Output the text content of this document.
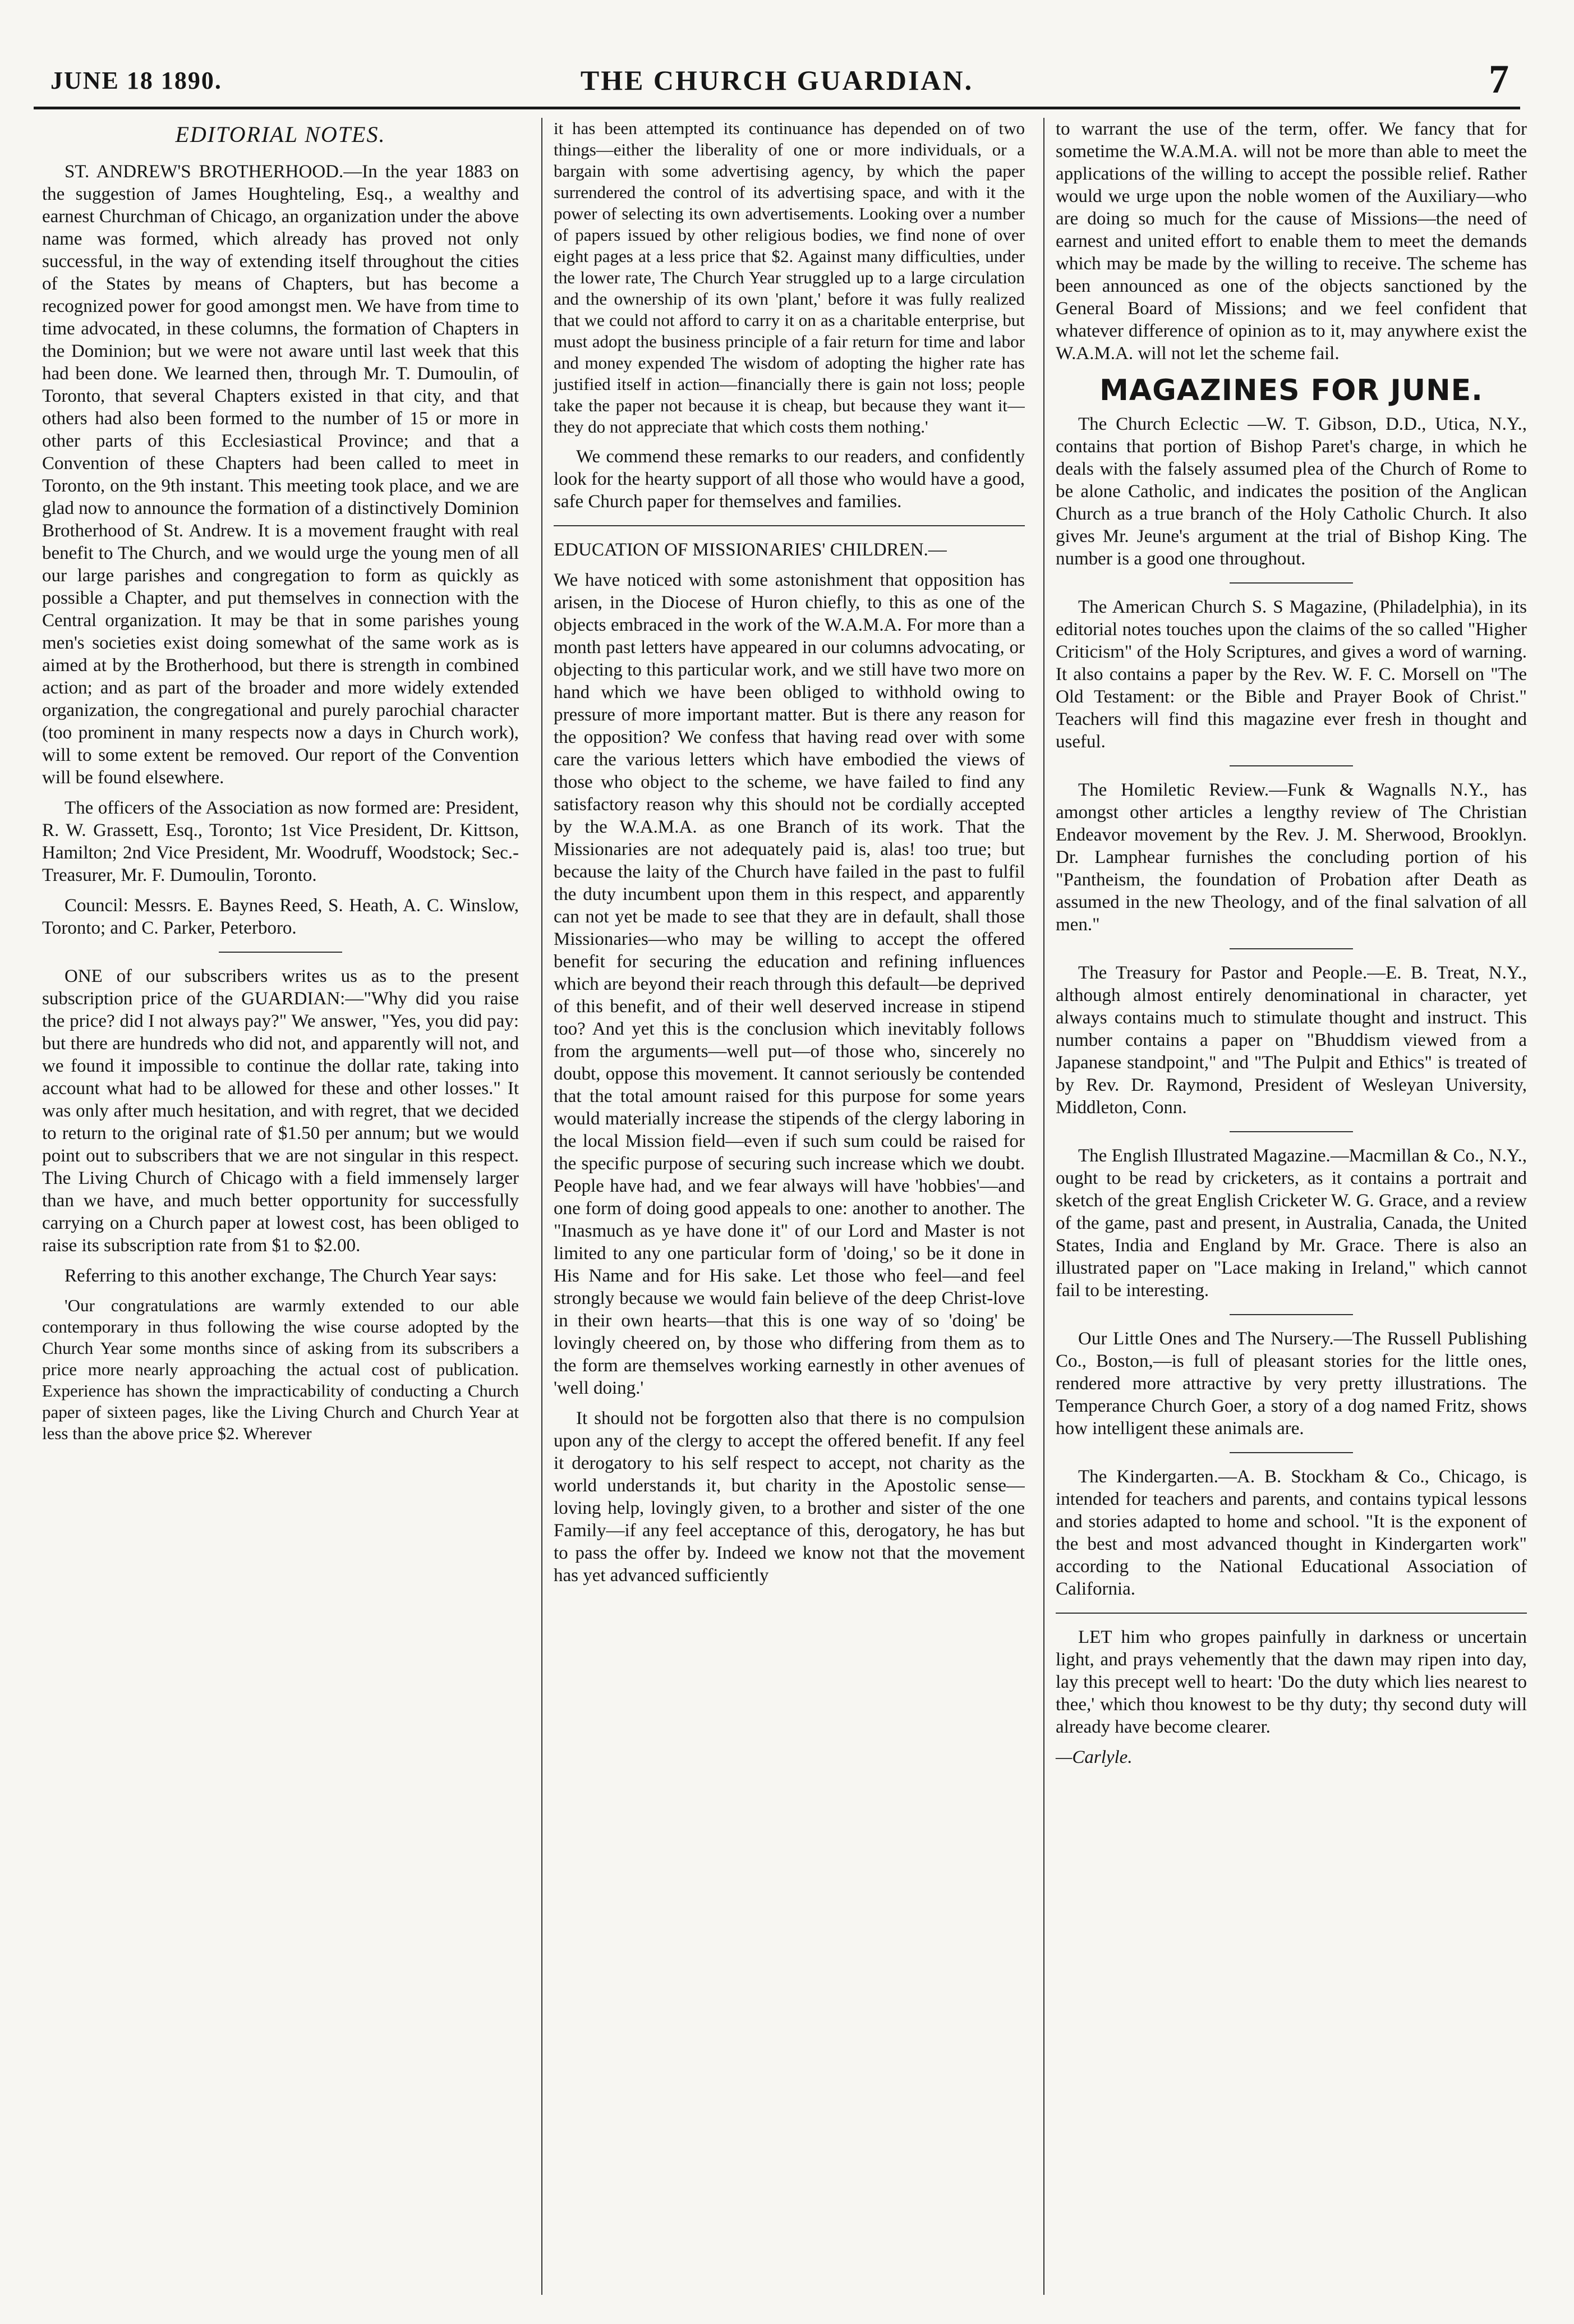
JUNE 18 1890.	THE CHURCH GUARDIAN.	7
EDITORIAL NOTES.

ST. ANDREW'S BROTHERHOOD.—In the year 1883 on the suggestion of James Houghteling, Esq., a wealthy and earnest Churchman of Chicago, an organization under the above name was formed, which already has proved not only successful, in the way of extending itself throughout the cities of the States by means of Chapters, but has become a recognized power for good amongst men. We have from time to time advocated, in these columns, the formation of Chapters in the Dominion; but we were not aware until last week that this had been done. We learned then, through Mr. T. Dumoulin, of Toronto, that several Chapters existed in that city, and that others had also been formed to the number of 15 or more in other parts of this Ecclesiastical Province; and that a Convention of these Chapters had been called to meet in Toronto, on the 9th instant. This meeting took place, and we are glad now to announce the formation of a distinctively Dominion Brotherhood of St. Andrew. It is a movement fraught with real benefit to The Church, and we would urge the young men of all our large parishes and congregation to form as quickly as possible a Chapter, and put themselves in connection with the Central organization. It may be that in some parishes young men's societies exist doing somewhat of the same work as is aimed at by the Brotherhood, but there is strength in combined action; and as part of the broader and more widely extended organization, the congregational and purely parochial character (too prominent in many respects now a days in Church work), will to some extent be removed. Our report of the Convention will be found elsewhere.

The officers of the Association as now formed are: President, R. W. Grassett, Esq., Toronto; 1st Vice President, Dr. Kittson, Hamilton; 2nd Vice President, Mr. Woodruff, Woodstock; Sec.-Treasurer, Mr. F. Dumoulin, Toronto.

Council: Messrs. E. Baynes Reed, S. Heath, A. C. Winslow, Toronto; and C. Parker, Peterboro.

ONE of our subscribers writes us as to the present subscription price of the GUARDIAN:—"Why did you raise the price? did I not always pay?" We answer, "Yes, you did pay: but there are hundreds who did not, and apparently will not, and we found it impossible to continue the dollar rate, taking into account what had to be allowed for these and other losses." It was only after much hesitation, and with regret, that we decided to return to the original rate of $1.50 per annum; but we would point out to subscribers that we are not singular in this respect. The Living Church of Chicago with a field immensely larger than we have, and much better opportunity for successfully carrying on a Church paper at lowest cost, has been obliged to raise its subscription rate from $1 to $2.00.

Referring to this another exchange, The Church Year says:

'Our congratulations are warmly extended to our able contemporary in thus following the wise course adopted by the Church Year some months since of asking from its subscribers a price more nearly approaching the actual cost of publication. Experience has shown the impracticability of conducting a Church paper of sixteen pages, like the Living Church and Church Year at less than the above price $2. Wherever

it has been attempted its continuance has depended on of two things—either the liberality of one or more individuals, or a bargain with some advertising agency, by which the paper surrendered the control of its advertising space, and with it the power of selecting its own advertisements. Looking over a number of papers issued by other religious bodies, we find none of over eight pages at a less price that $2. Against many difficulties, under the lower rate, The Church Year struggled up to a large circulation and the ownership of its own 'plant,' before it was fully realized that we could not afford to carry it on as a charitable enterprise, but must adopt the business principle of a fair return for time and labor and money expended The wisdom of adopting the higher rate has justified itself in action—financially there is gain not loss; people take the paper not because it is cheap, but because they want it—they do not appreciate that which costs them nothing.'

We commend these remarks to our readers, and confidently look for the hearty support of all those who would have a good, safe Church paper for themselves and families.

EDUCATION OF MISSIONARIES' CHILDREN.—

We have noticed with some astonishment that opposition has arisen, in the Diocese of Huron chiefly, to this as one of the objects embraced in the work of the W.A.M.A. For more than a month past letters have appeared in our columns advocating, or objecting to this particular work, and we still have two more on hand which we have been obliged to withhold owing to pressure of more important matter. But is there any reason for the opposition? We confess that having read over with some care the various letters which have embodied the views of those who object to the scheme, we have failed to find any satisfactory reason why this should not be cordially accepted by the W.A.M.A. as one Branch of its work. That the Missionaries are not adequately paid is, alas! too true; but because the laity of the Church have failed in the past to fulfil the duty incumbent upon them in this respect, and apparently can not yet be made to see that they are in default, shall those Missionaries—who may be willing to accept the offered benefit for securing the education and refining influences which are beyond their reach through this default—be deprived of this benefit, and of their well deserved increase in stipend too? And yet this is the conclusion which inevitably follows from the arguments—well put—of those who, sincerely no doubt, oppose this movement. It cannot seriously be contended that the total amount raised for this purpose for some years would materially increase the stipends of the clergy laboring in the local Mission field—even if such sum could be raised for the specific purpose of securing such increase which we doubt. People have had, and we fear always will have 'hobbies'—and one form of doing good appeals to one: another to another. The "Inasmuch as ye have done it" of our Lord and Master is not limited to any one particular form of 'doing,' so be it done in His Name and for His sake. Let those who feel—and feel strongly because we would fain believe of the deep Christ-love in their own hearts—that this is one way of so 'doing' be lovingly cheered on, by those who differing from them as to the form are themselves working earnestly in other avenues of 'well doing.'

It should not be forgotten also that there is no compulsion upon any of the clergy to accept the offered benefit. If any feel it derogatory to his self respect to accept, not charity as the world understands it, but charity in the Apostolic sense—loving help, lovingly given, to a brother and sister of the one Family—if any feel acceptance of this, derogatory, he has but to pass the offer by. Indeed we know not that the movement has yet advanced sufficiently

to warrant the use of the term, offer. We fancy that for sometime the W.A.M.A. will not be more than able to meet the applications of the willing to accept the possible relief. Rather would we urge upon the noble women of the Auxiliary—who are doing so much for the cause of Missions—the need of earnest and united effort to enable them to meet the demands which may be made by the willing to receive. The scheme has been announced as one of the objects sanctioned by the General Board of Missions; and we feel confident that whatever difference of opinion as to it, may anywhere exist the W.A.M.A. will not let the scheme fail.

MAGAZINES FOR JUNE.

The Church Eclectic —W. T. Gibson, D.D., Utica, N.Y., contains that portion of Bishop Paret's charge, in which he deals with the falsely assumed plea of the Church of Rome to be alone Catholic, and indicates the position of the Anglican Church as a true branch of the Holy Catholic Church. It also gives Mr. Jeune's argument at the trial of Bishop King. The number is a good one throughout.

The American Church S. S Magazine, (Philadelphia), in its editorial notes touches upon the claims of the so called "Higher Criticism" of the Holy Scriptures, and gives a word of warning. It also contains a paper by the Rev. W. F. C. Morsell on "The Old Testament: or the Bible and Prayer Book of Christ." Teachers will find this magazine ever fresh in thought and useful.

The Homiletic Review.—Funk & Wagnalls N.Y., has amongst other articles a lengthy review of The Christian Endeavor movement by the Rev. J. M. Sherwood, Brooklyn. Dr. Lamphear furnishes the concluding portion of his "Pantheism, the foundation of Probation after Death as assumed in the new Theology, and of the final salvation of all men."

The Treasury for Pastor and People.—E. B. Treat, N.Y., although almost entirely denominational in character, yet always contains much to stimulate thought and instruct. This number contains a paper on "Bhuddism viewed from a Japanese standpoint," and "The Pulpit and Ethics" is treated of by Rev. Dr. Raymond, President of Wesleyan University, Middleton, Conn.

The English Illustrated Magazine.—Macmillan & Co., N.Y., ought to be read by cricketers, as it contains a portrait and sketch of the great English Cricketer W. G. Grace, and a review of the game, past and present, in Australia, Canada, the United States, India and England by Mr. Grace. There is also an illustrated paper on "Lace making in Ireland," which cannot fail to be interesting.

Our Little Ones and The Nursery.—The Russell Publishing Co., Boston,—is full of pleasant stories for the little ones, rendered more attractive by very pretty illustrations. The Temperance Church Goer, a story of a dog named Fritz, shows how intelligent these animals are.

The Kindergarten.—A. B. Stockham & Co., Chicago, is intended for teachers and parents, and contains typical lessons and stories adapted to home and school. "It is the exponent of the best and most advanced thought in Kindergarten work" according to the National Educational Association of California.

LET him who gropes painfully in darkness or uncertain light, and prays vehemently that the dawn may ripen into day, lay this precept well to heart: 'Do the duty which lies nearest to thee,' which thou knowest to be thy duty; thy second duty will already have become clearer.

—Carlyle.
